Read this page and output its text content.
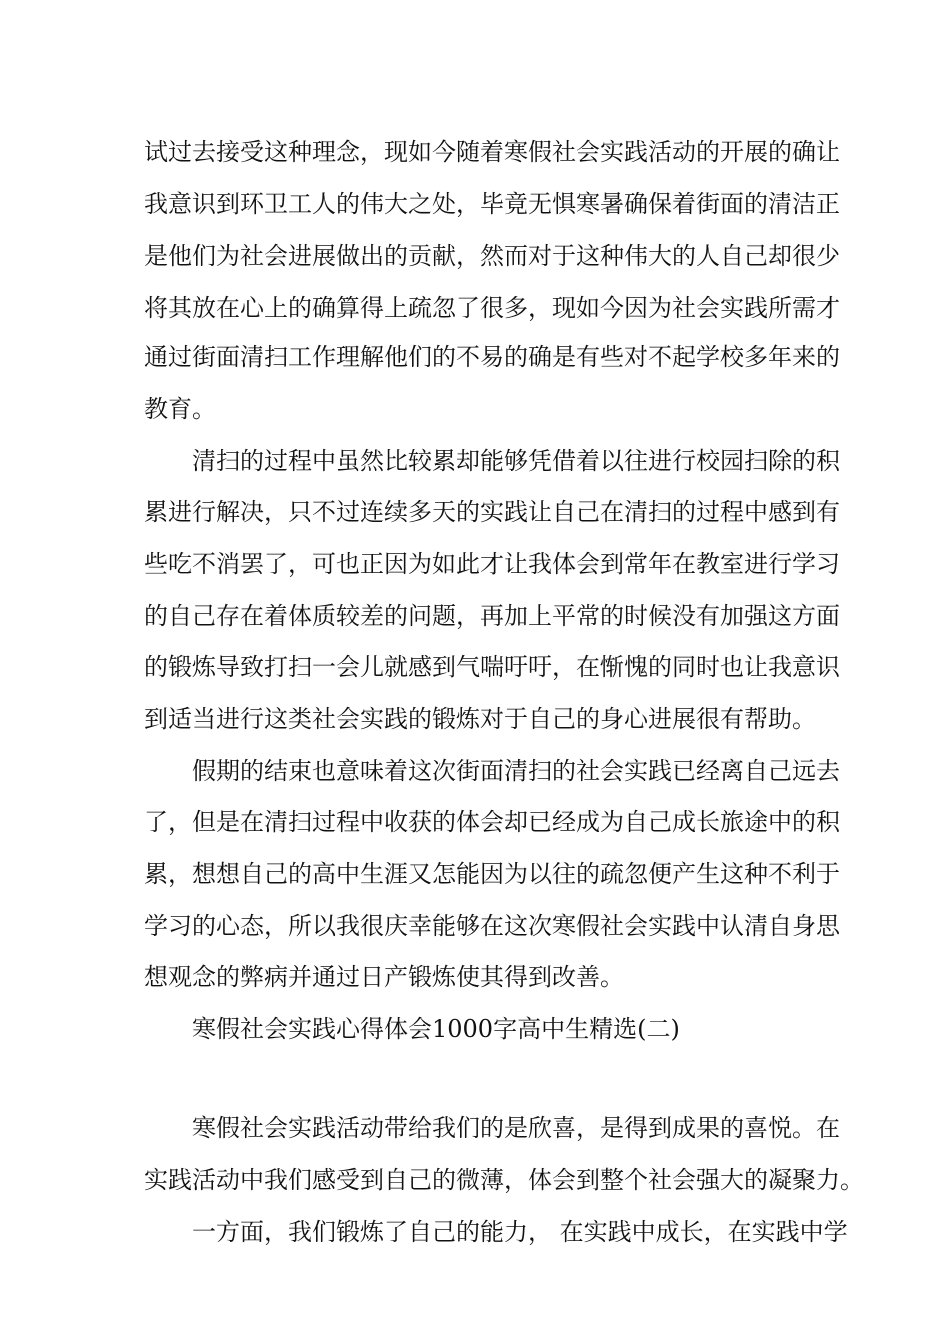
试过去接受这种理念，现如今随着寒假社会实践活动的开展的确让
我意识到环卫工人的伟大之处，毕竟无惧寒暑确保着街面的清洁正
是他们为社会进展做出的贡献，然而对于这种伟大的人自己却很少
将其放在心上的确算得上疏忽了很多，现如今因为社会实践所需才
通过街面清扫工作理解他们的不易的确是有些对不起学校多年来的
教育。
清扫的过程中虽然比较累却能够凭借着以往进行校园扫除的积
累进行解决，只不过连续多天的实践让自己在清扫的过程中感到有
些吃不消罢了，可也正因为如此才让我体会到常年在教室进行学习
的自己存在着体质较差的问题，再加上平常的时候没有加强这方面
的锻炼导致打扫一会儿就感到气喘吁吁，在惭愧的同时也让我意识
到适当进行这类社会实践的锻炼对于自己的身心进展很有帮助。
假期的结束也意味着这次街面清扫的社会实践已经离自己远去
了，但是在清扫过程中收获的体会却已经成为自己成长旅途中的积
累，想想自己的高中生涯又怎能因为以往的疏忽便产生这种不利于
学习的心态，所以我很庆幸能够在这次寒假社会实践中认清自身思
想观念的弊病并通过日产锻炼使其得到改善。
寒假社会实践心得体会1000字高中生精选(二)
寒假社会实践活动带给我们的是欣喜，是得到成果的喜悦。在
实践活动中我们感受到自己的微薄，体会到整个社会强大的凝聚力。
一方面，我们锻炼了自己的能力， 在实践中成长，在实践中学
